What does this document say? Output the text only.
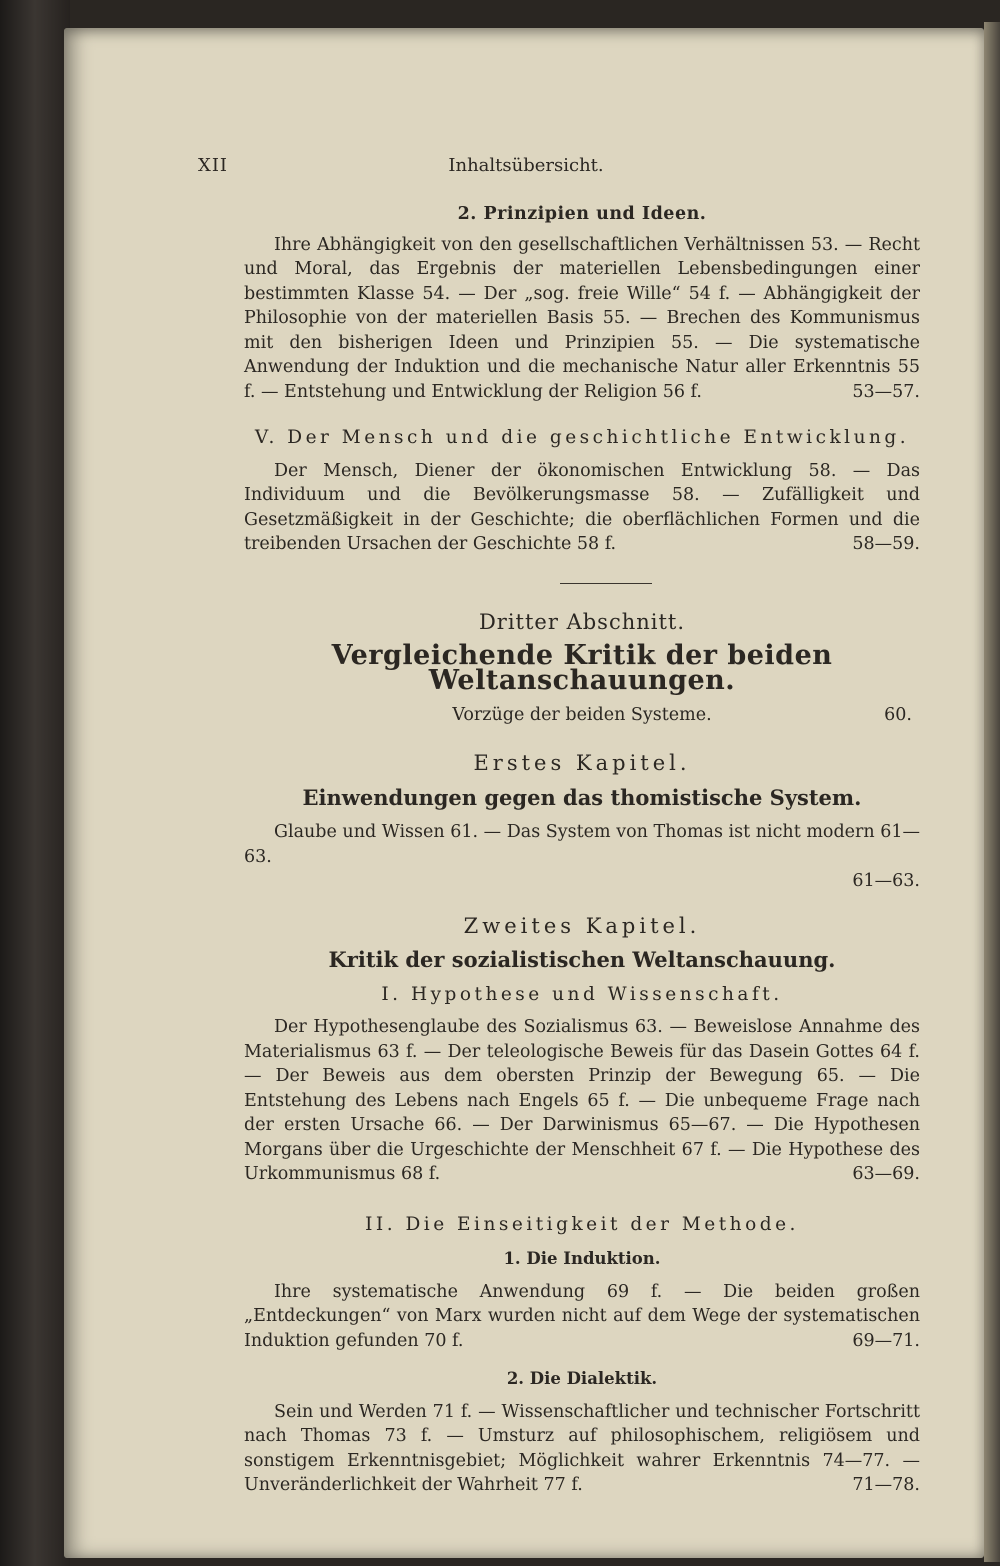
XII	Inhaltsübersicht.
2. Prinzipien und Ideen.

Ihre Abhängigkeit von den gesellschaftlichen Verhältnissen 53. — Recht und Moral, das Ergebnis der materiellen Lebensbedingungen einer bestimmten Klasse 54. — Der „sog. freie Wille“ 54 f. — Abhängigkeit der Philosophie von der materiellen Basis 55. — Brechen des Kommunismus mit den bisherigen Ideen und Prinzipien 55. — Die systematische Anwendung der Induktion und die mechanische Natur aller Erkenntnis 55 f. — Entstehung und Entwicklung der Religion 56 f.	53—57.

V. Der Mensch und die geschichtliche Entwicklung.

Der Mensch, Diener der ökonomischen Entwicklung 58. — Das Individuum und die Bevölkerungsmasse 58. — Zufälligkeit und Gesetzmäßigkeit in der Geschichte; die oberflächlichen Formen und die treibenden Ursachen der Geschichte 58 f.	58—59.

Dritter Abschnitt.
Vergleichende Kritik der beiden Weltanschauungen.
Vorzüge der beiden Systeme.	60.
Erstes Kapitel.
Einwendungen gegen das thomistische System.

Glaube und Wissen 61. — Das System von Thomas ist nicht modern 61—63.

61—63.
Zweites Kapitel.
Kritik der sozialistischen Weltanschauung.
I. Hypothese und Wissenschaft.

Der Hypothesenglaube des Sozialismus 63. — Beweislose Annahme des Materialismus 63 f. — Der teleologische Beweis für das Dasein Gottes 64 f. — Der Beweis aus dem obersten Prinzip der Bewegung 65. — Die Entstehung des Lebens nach Engels 65 f. — Die unbequeme Frage nach der ersten Ursache 66. — Der Darwinismus 65—67. — Die Hypothesen Morgans über die Urgeschichte der Menschheit 67 f. — Die Hypothese des Urkommunismus 68 f.	63—69.

II. Die Einseitigkeit der Methode.
1. Die Induktion.

Ihre systematische Anwendung 69 f. — Die beiden großen „Entdeckungen“ von Marx wurden nicht auf dem Wege der systematischen Induktion gefunden 70 f.	69—71.

2. Die Dialektik.

Sein und Werden 71 f. — Wissenschaftlicher und technischer Fortschritt nach Thomas 73 f. — Umsturz auf philosophischem, religiösem und sonstigem Erkenntnisgebiet; Möglichkeit wahrer Erkenntnis 74—77. — Unveränderlichkeit der Wahrheit 77 f.	71—78.
